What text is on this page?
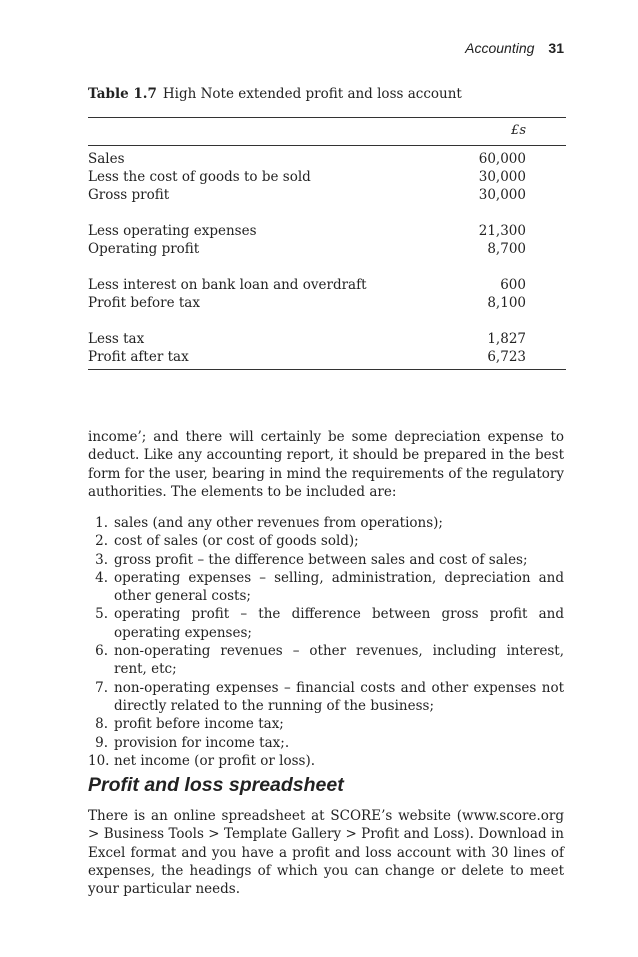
Accounting 31
Table 1.7 High Note extended profit and loss account
£s
Sales	60,000
Less the cost of goods to be sold	30,000
Gross profit	30,000
Less operating expenses	21,300
Operating profit	8,700
Less interest on bank loan and overdraft	600
Profit before tax	8,100
Less tax	1,827
Profit after tax	6,723
income’; and there will certainly be some depreciation expense to deduct. Like any accounting report, it should be prepared in the best form for the user, bearing in mind the requirements of the regulatory authorities. The elements to be included are:
1. sales (and any other revenues from operations);
2. cost of sales (or cost of goods sold);
3. gross profit – the difference between sales and cost of sales;
4. operating expenses – selling, administration, depreciation and other general costs;
5. operating profit – the difference between gross profit and operating expenses;
6. non-operating revenues – other revenues, including interest, rent, etc;
7. non-operating expenses – financial costs and other expenses not directly related to the running of the business;
8. profit before income tax;
9. provision for income tax;.
10. net income (or profit or loss).
Profit and loss spreadsheet
There is an online spreadsheet at SCORE’s website (www.score.org > Business Tools > Template Gallery > Profit and Loss). Download in Excel format and you have a profit and loss account with 30 lines of expenses, the headings of which you can change or delete to meet your particular needs.
